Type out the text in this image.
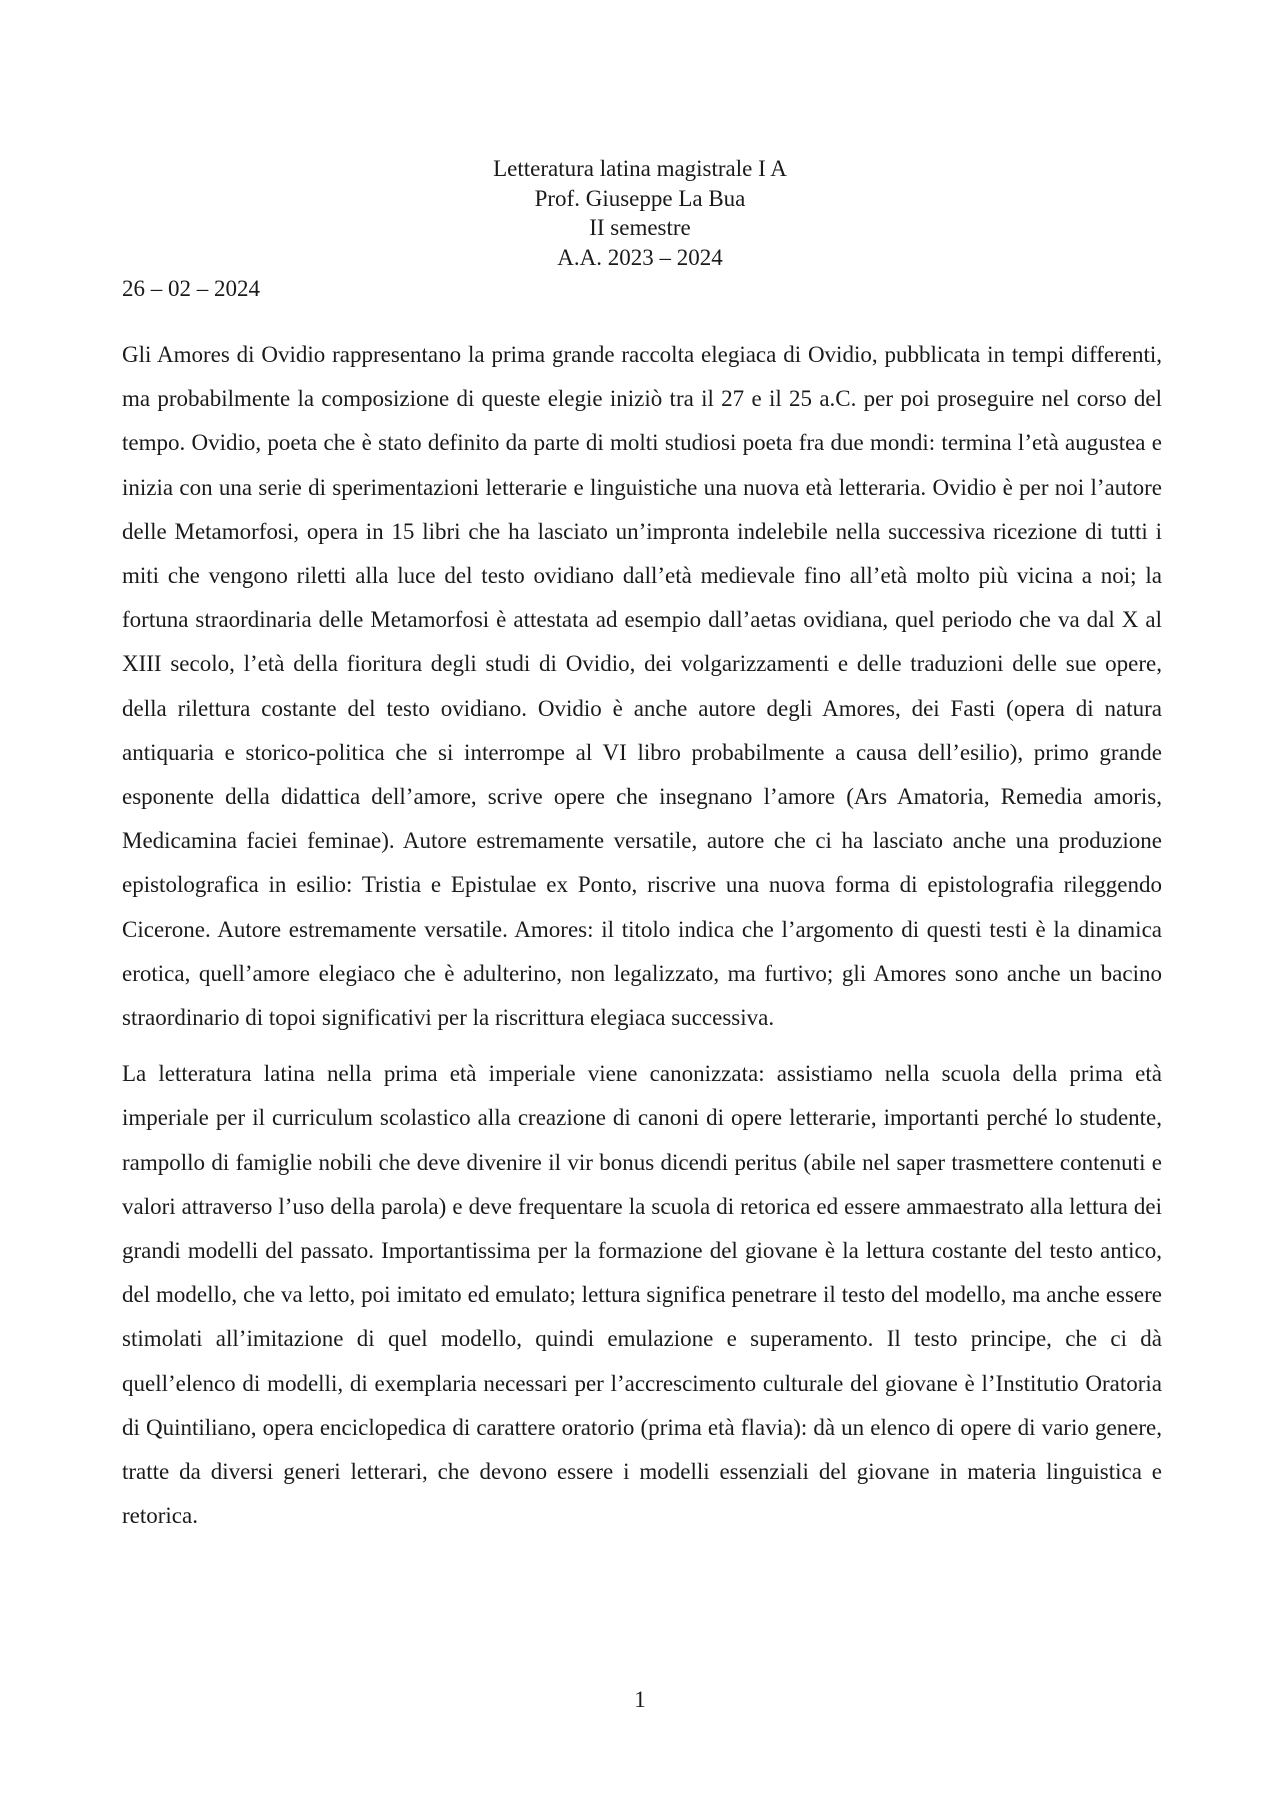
Letteratura latina magistrale I A
Prof. Giuseppe La Bua
II semestre
A.A. 2023 – 2024
26 – 02 – 2024

Gli Amores di Ovidio rappresentano la prima grande raccolta elegiaca di Ovidio, pubblicata in tempi differenti, ma probabilmente la composizione di queste elegie iniziò tra il 27 e il 25 a.C. per poi proseguire nel corso del tempo. Ovidio, poeta che è stato definito da parte di molti studiosi poeta fra due mondi: termina l’età augustea e inizia con una serie di sperimentazioni letterarie e linguistiche una nuova età letteraria. Ovidio è per noi l’autore delle Metamorfosi, opera in 15 libri che ha lasciato un’impronta indelebile nella successiva ricezione di tutti i miti che vengono riletti alla luce del testo ovidiano dall’età medievale fino all’età molto più vicina a noi; la fortuna straordinaria delle Metamorfosi è attestata ad esempio dall’aetas ovidiana, quel periodo che va dal X al XIII secolo, l’età della fioritura degli studi di Ovidio, dei volgarizzamenti e delle traduzioni delle sue opere, della rilettura costante del testo ovidiano. Ovidio è anche autore degli Amores, dei Fasti (opera di natura antiquaria e storico-politica che si interrompe al VI libro probabilmente a causa dell’esilio), primo grande esponente della didattica dell’amore, scrive opere che insegnano l’amore (Ars Amatoria, Remedia amoris, Medicamina faciei feminae). Autore estremamente versatile, autore che ci ha lasciato anche una produzione epistolografica in esilio: Tristia e Epistulae ex Ponto, riscrive una nuova forma di epistolografia rileggendo Cicerone. Autore estremamente versatile. Amores: il titolo indica che l’argomento di questi testi è la dinamica erotica, quell’amore elegiaco che è adulterino, non legalizzato, ma furtivo; gli Amores sono anche un bacino straordinario di topoi significativi per la riscrittura elegiaca successiva.

La letteratura latina nella prima età imperiale viene canonizzata: assistiamo nella scuola della prima età imperiale per il curriculum scolastico alla creazione di canoni di opere letterarie, importanti perché lo studente, rampollo di famiglie nobili che deve divenire il vir bonus dicendi peritus (abile nel saper trasmettere contenuti e valori attraverso l’uso della parola) e deve frequentare la scuola di retorica ed essere ammaestrato alla lettura dei grandi modelli del passato. Importantissima per la formazione del giovane è la lettura costante del testo antico, del modello, che va letto, poi imitato ed emulato; lettura significa penetrare il testo del modello, ma anche essere stimolati all’imitazione di quel modello, quindi emulazione e superamento. Il testo principe, che ci dà quell’elenco di modelli, di exemplaria necessari per l’accrescimento culturale del giovane è l’Institutio Oratoria di Quintiliano, opera enciclopedica di carattere oratorio (prima età flavia): dà un elenco di opere di vario genere, tratte da diversi generi letterari, che devono essere i modelli essenziali del giovane in materia linguistica e retorica.

1
